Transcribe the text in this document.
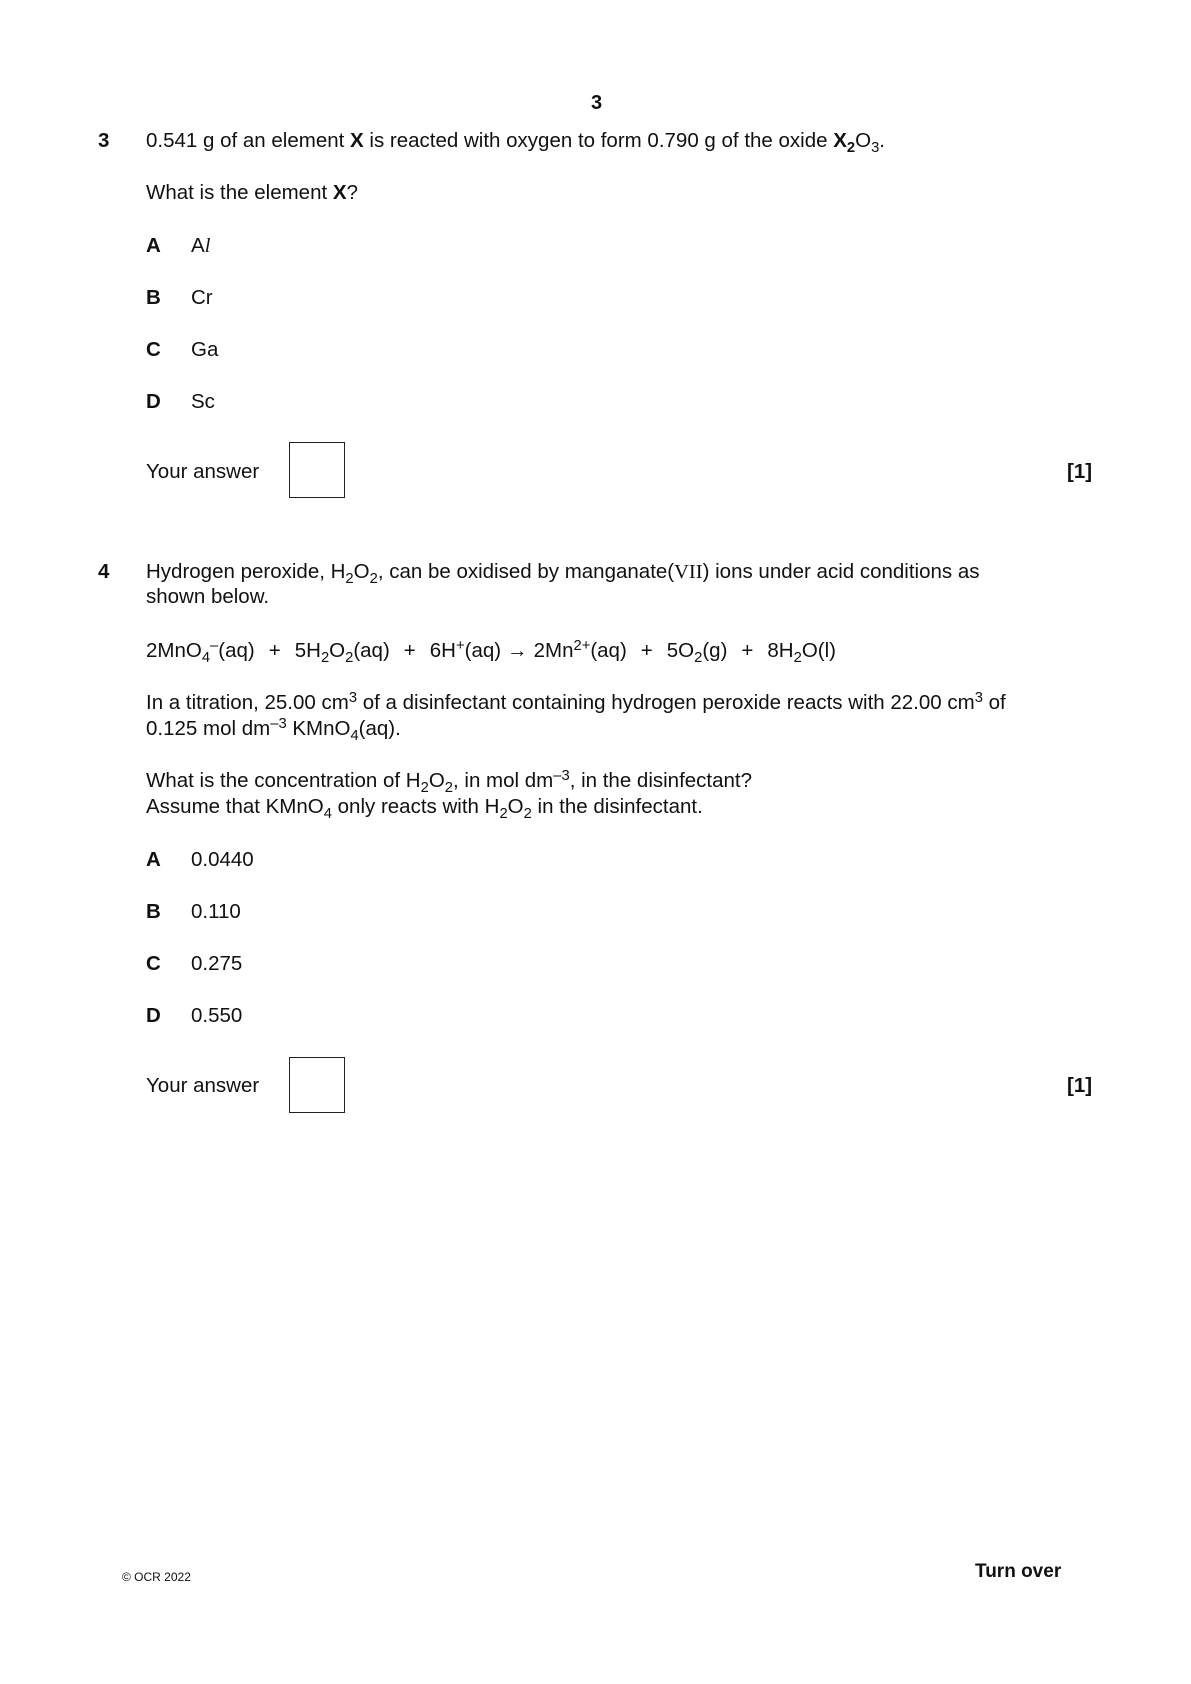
3
3 0.541 g of an element X is reacted with oxygen to form 0.790 g of the oxide $X_2O_3$.
What is the element X?
A Al
B Cr
C Ga
D Sc
Your answer	[1]
4 Hydrogen peroxide, $H_2O_2$, can be oxidised by manganate(VII) ions under acid conditions as
shown below.
$2MnO_4^-(aq) + 5H_2O_2(aq) + 6H^+(aq) \to 2Mn^{2+}(aq) + 5O_2(g) + 8H_2O(l)$
In a titration, 25.00 $cm^3$ of a disinfectant containing hydrogen peroxide reacts with 22.00 $cm^3$ of
0.125 mol $dm^{-3}$ KMnO$_4$(aq).
What is the concentration of $H_2O_2$, in mol $dm^{-3}$, in the disinfectant?
Assume that KMnO$_4$ only reacts with $H_2O_2$ in the disinfectant.
A 0.0440
B 0.110
C 0.275
D 0.550
Your answer	[1]
© OCR 2022	Turn over
